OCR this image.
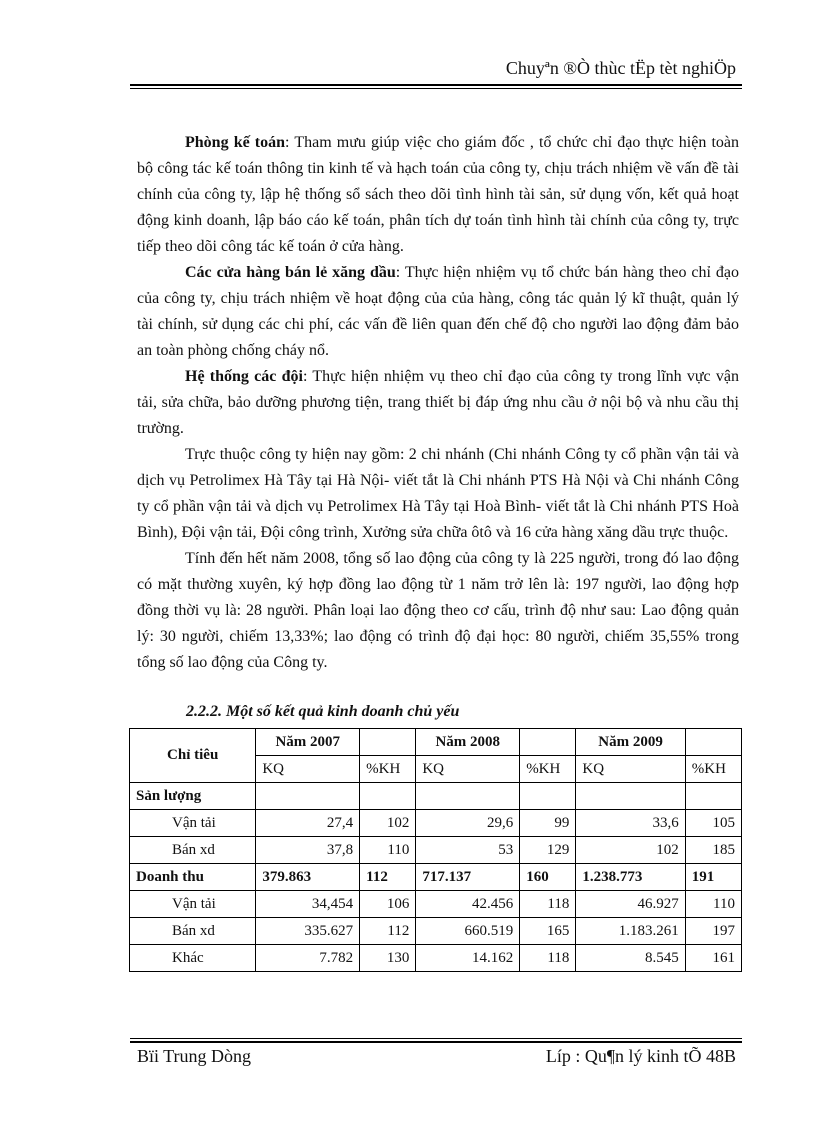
Chuyªn ®Ò thùc tËp tèt nghiÖp

Phòng kế toán: Tham mưu giúp việc cho giám đốc , tổ chức chỉ đạo thực hiện toàn bộ công tác kế toán thông tin kinh tế và hạch toán của công ty, chịu trách nhiệm về vấn đề tài chính của công ty, lập hệ thống sổ sách theo dõi tình hình tài sản, sử dụng vốn, kết quả hoạt động kinh doanh, lập báo cáo kế toán, phân tích dự toán tình hình tài chính của công ty, trực tiếp theo dõi công tác kế toán ở cửa hàng.

Các cửa hàng bán lẻ xăng dầu: Thực hiện nhiệm vụ tổ chức bán hàng theo chỉ đạo của công ty, chịu trách nhiệm về hoạt động của của hàng, công tác quản lý kĩ thuật, quản lý tài chính, sử dụng các chi phí, các vấn đề liên quan đến chế độ cho người lao động đảm bảo an toàn phòng chống cháy nổ.

Hệ thống các đội: Thực hiện nhiệm vụ theo chỉ đạo của công ty trong lĩnh vực vận tải, sửa chữa, bảo dưỡng phương tiện, trang thiết bị đáp ứng nhu cầu ở nội bộ và nhu cầu thị trường.

Trực thuộc công ty hiện nay gồm: 2 chi nhánh (Chi nhánh Công ty cổ phần vận tải và dịch vụ Petrolimex Hà Tây tại Hà Nội- viết tắt là Chi nhánh PTS Hà Nội và Chi nhánh Công ty cổ phần vận tải và dịch vụ Petrolimex Hà Tây tại Hoà Bình- viết tắt là Chi nhánh PTS Hoà Bình), Đội vận tải, Đội công trình, Xưởng sửa chữa ôtô và 16 cửa hàng xăng dầu trực thuộc.

Tính đến hết năm 2008, tổng số lao động của công ty là 225 người, trong đó lao động có mặt thường xuyên, ký hợp đồng lao động từ 1 năm trở lên là: 197 người, lao động hợp đồng thời vụ là: 28 người. Phân loại lao động theo cơ cấu, trình độ như sau: Lao động quản lý: 30 người, chiếm 13,33%; lao động có trình độ đại học: 80 người, chiếm 35,55% trong tổng số lao động của Công ty.

2.2.2. Một số kết quả kinh doanh chủ yếu
Chỉ tiêu	Năm 2007		Năm 2008		Năm 2009	
	KQ	%KH	KQ	%KH	KQ	%KH
Sản lượng						
Vận tải	27,4	102	29,6	99	33,6	105
Bán xd	37,8	110	53	129	102	185
Doanh thu	379.863	112	717.137	160	1.238.773	191
Vận tải	34,454	106	42.456	118	46.927	110
Bán xd	335.627	112	660.519	165	1.183.261	197
Khác	7.782	130	14.162	118	8.545	161
Bïi Trung Dòng	Líp : Qu¶n lý kinh tÕ 48B
